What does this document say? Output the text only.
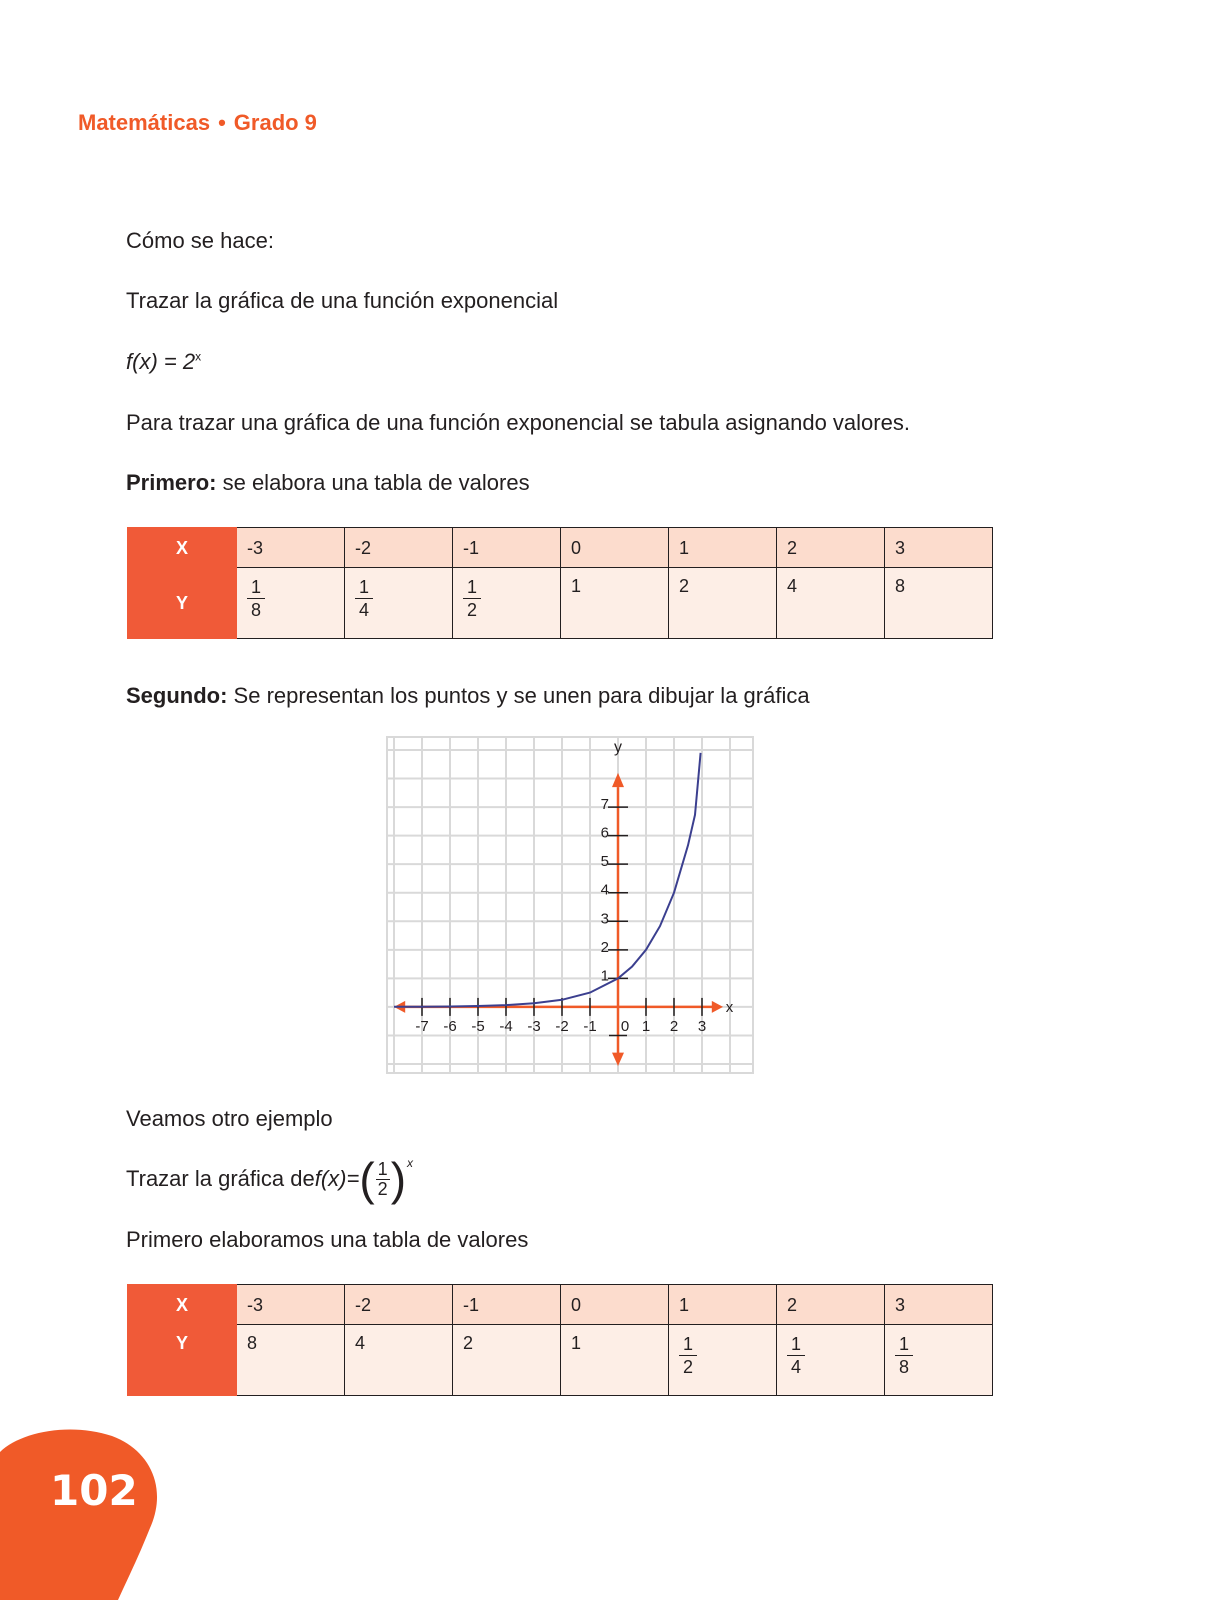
Matemáticas • Grado 9
Cómo se hace:
Trazar la gráfica de una función exponencial
$f(x) = 2^x$
Para trazar una gráfica de una función exponencial se tabula asignando valores.
Primero: se elabora una tabla de valores
X	-3	-2	-1	0	1	2	3
Y	$\frac{1}{8}$	$\frac{1}{4}$	$\frac{1}{2}$	1	2	4	8
Segundo: Se representan los puntos y se unen para dibujar la gráfica
-7 -6 -5 -4 -3 -2 -1 0 1 2 3
1
2
3
4
5
6
7
x
y
Veamos otro ejemplo
Trazar la gráfica de f(x)= ( $\frac{1}{2}$ ) x
Primero elaboramos una tabla de valores
X	-3	-2	-1	0	1	2	3
Y	8	4	2	1	$\frac{1}{2}$	$\frac{1}{4}$	$\frac{1}{8}$
102
